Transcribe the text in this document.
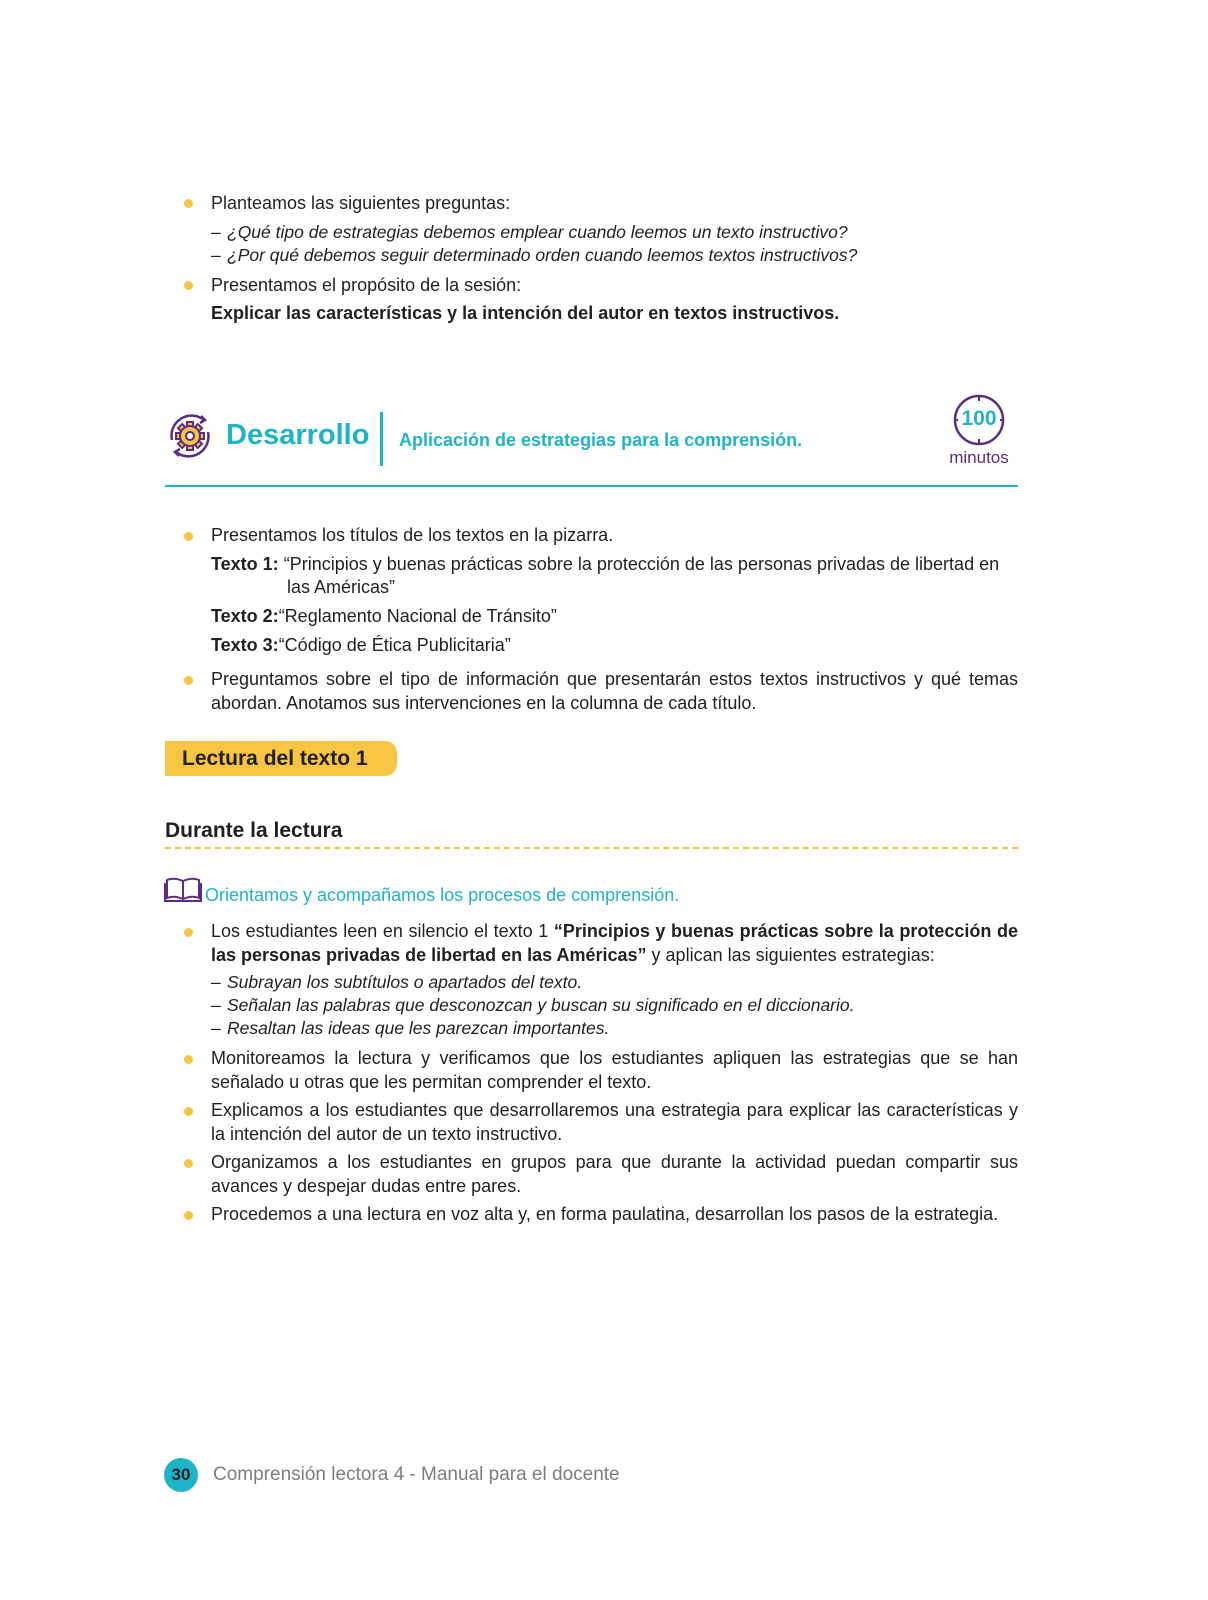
Planteamos las siguientes preguntas:
– ¿Qué tipo de estrategias debemos emplear cuando leemos un texto instructivo?
– ¿Por qué debemos seguir determinado orden cuando leemos textos instructivos?
Presentamos el propósito de la sesión:
Explicar las características y la intención del autor en textos instructivos.
Desarrollo Aplicación de estrategias para la comprensión.
100
minutos
Presentamos los títulos de los textos en la pizarra.
Texto 1: “Principios y buenas prácticas sobre la protección de las personas privadas de libertad en
las Américas”
Texto 2:“Reglamento Nacional de Tránsito”
Texto 3:“Código de Ética Publicitaria”
Preguntamos sobre el tipo de información que presentarán estos textos instructivos y qué temas abordan. Anotamos sus intervenciones en la columna de cada título.
Lectura del texto 1
Durante la lectura
Orientamos y acompañamos los procesos de comprensión.
Los estudiantes leen en silencio el texto 1 “Principios y buenas prácticas sobre la protección de las personas privadas de libertad en las Américas” y aplican las siguientes estrategias:
– Subrayan los subtítulos o apartados del texto.
– Señalan las palabras que desconozcan y buscan su significado en el diccionario.
– Resaltan las ideas que les parezcan importantes.
Monitoreamos la lectura y verificamos que los estudiantes apliquen las estrategias que se han señalado u otras que les permitan comprender el texto.
Explicamos a los estudiantes que desarrollaremos una estrategia para explicar las características y la intención del autor de un texto instructivo.
Organizamos a los estudiantes en grupos para que durante la actividad puedan compartir sus avances y despejar dudas entre pares.
Procedemos a una lectura en voz alta y, en forma paulatina, desarrollan los pasos de la estrategia.
30	Comprensión lectora 4 - Manual para el docente
